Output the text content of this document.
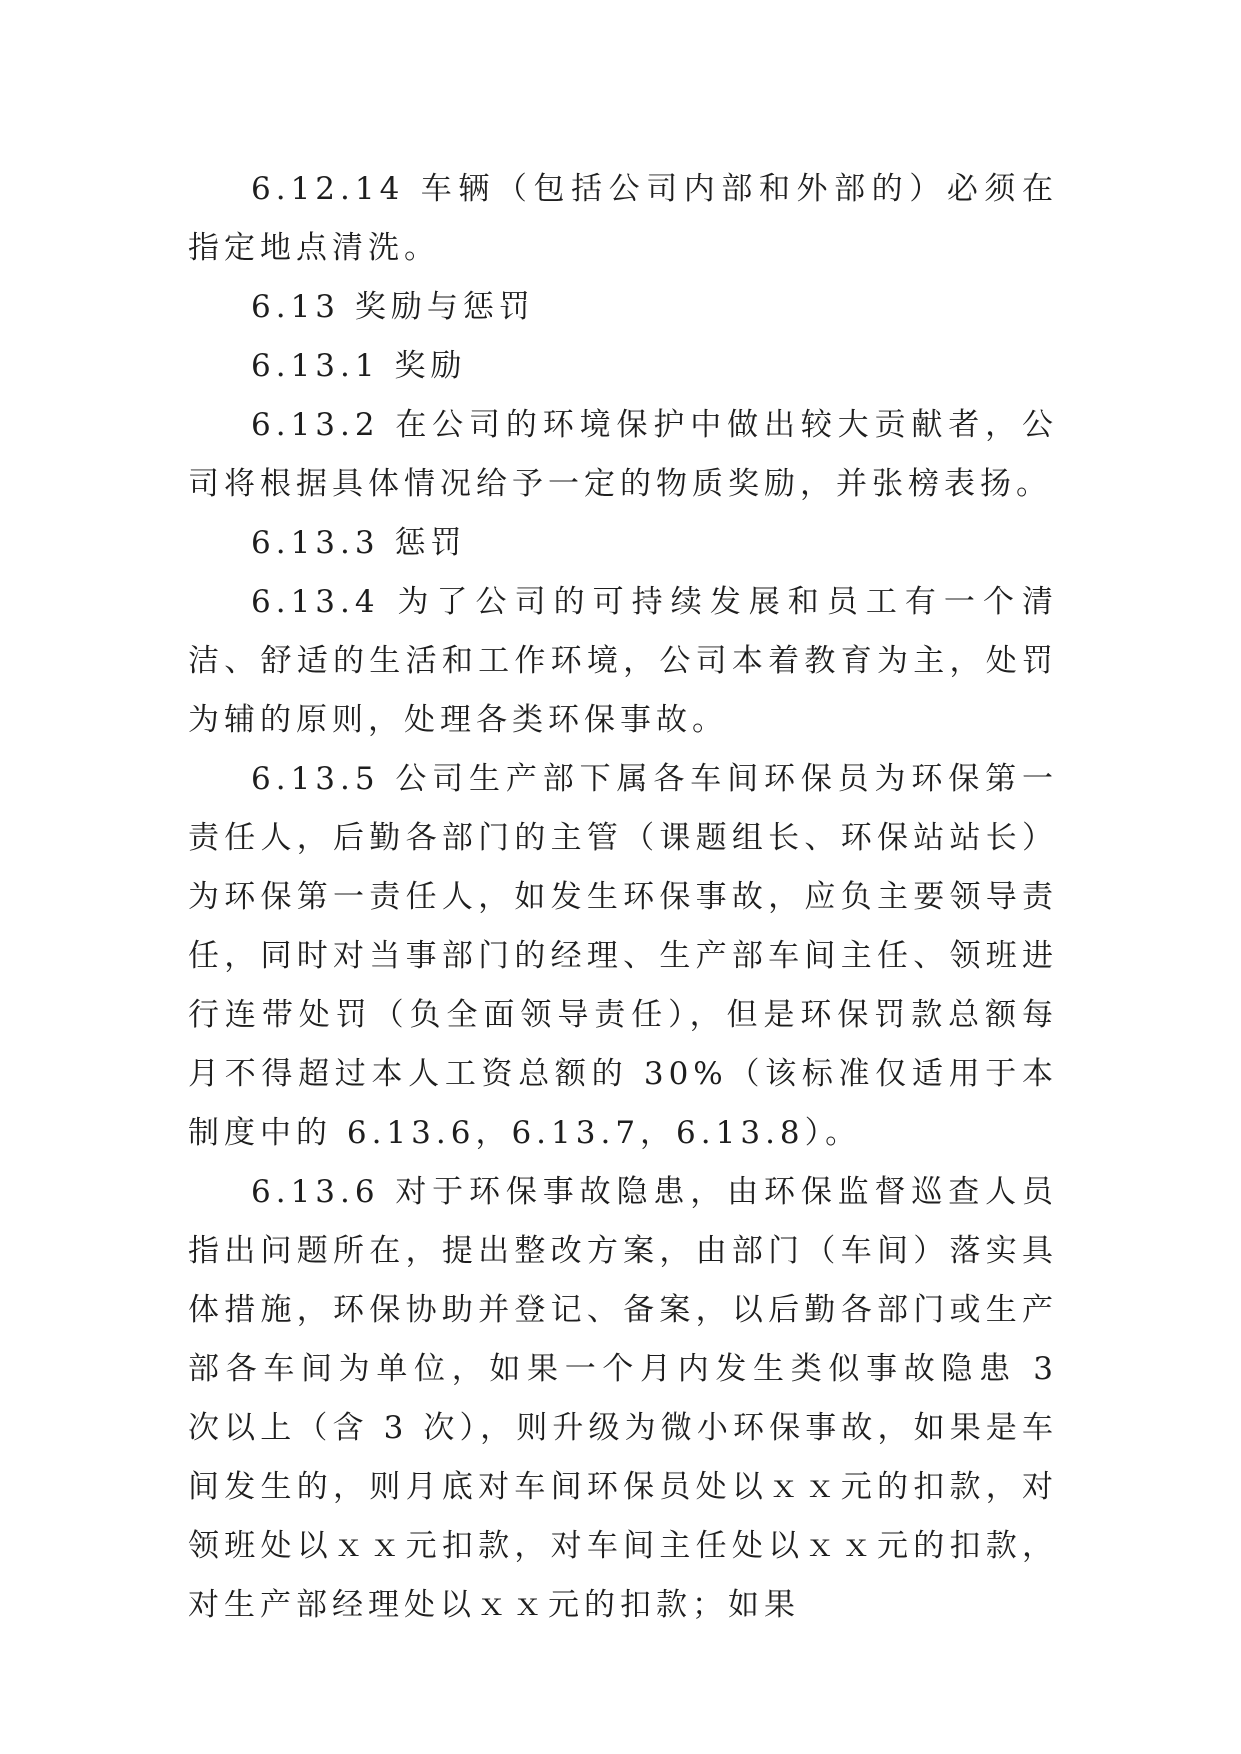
6.12.14 车辆（包括公司内部和外部的）必须在指定地点清洗。

6.13 奖励与惩罚

6.13.1 奖励

6.13.2 在公司的环境保护中做出较大贡献者，公司将根据具体情况给予一定的物质奖励，并张榜表扬。

6.13.3 惩罚

6.13.4 为了公司的可持续发展和员工有一个清洁、舒适的生活和工作环境，公司本着教育为主，处罚为辅的原则，处理各类环保事故。

6.13.5 公司生产部下属各车间环保员为环保第一责任人，后勤各部门的主管（课题组长、环保站站长）为环保第一责任人，如发生环保事故，应负主要领导责任，同时对当事部门的经理、生产部车间主任、领班进行连带处罚（负全面领导责任），但是环保罚款总额每月不得超过本人工资总额的 30%（该标准仅适用于本制度中的 6.13.6，6.13.7，6.13.8）。

6.13.6 对于环保事故隐患，由环保监督巡查人员指出问题所在，提出整改方案，由部门（车间）落实具体措施，环保协助并登记、备案，以后勤各部门或生产部各车间为单位，如果一个月内发生类似事故隐患 3 次以上（含 3 次），则升级为微小环保事故，如果是车间发生的，则月底对车间环保员处以ｘｘ元的扣款，对领班处以ｘｘ元扣款，对车间主任处以ｘｘ元的扣款，对生产部经理处以ｘｘ元的扣款；如果
